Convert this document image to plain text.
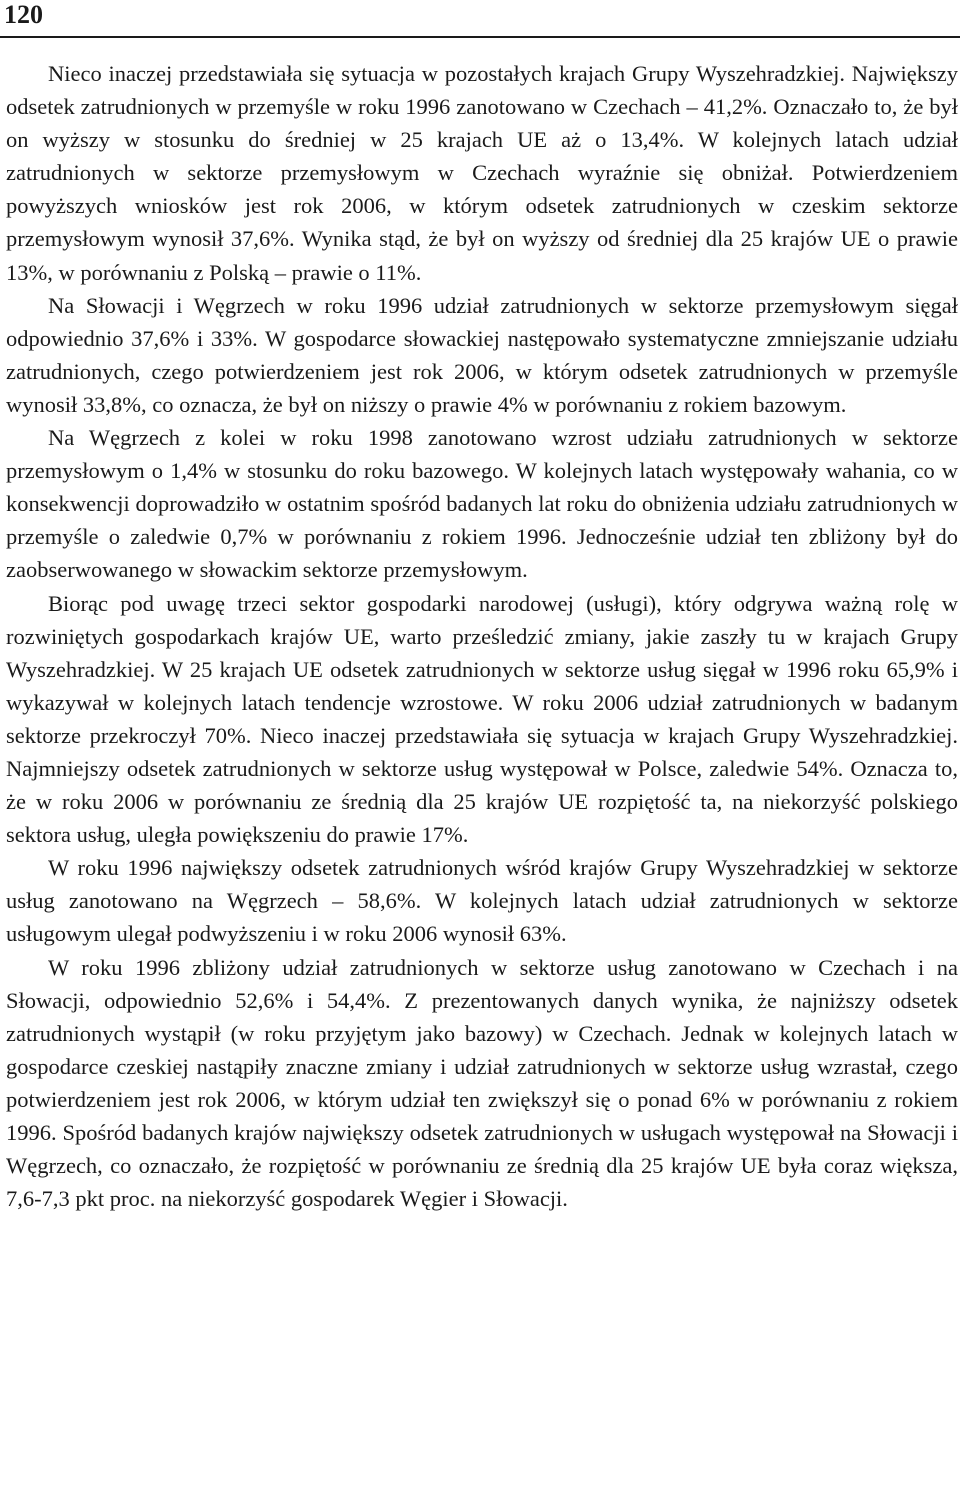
120

Nieco inaczej przedstawiała się sytuacja w pozostałych krajach Grupy Wyszehradzkiej. Największy odsetek zatrudnionych w przemyśle w roku 1996 zanotowano w Czechach – 41,2%. Oznaczało to, że był on wyższy w stosunku do średniej w 25 krajach UE aż o 13,4%. W kolejnych latach udział zatrudnionych w sektorze przemysłowym w Czechach wyraźnie się obniżał. Potwierdzeniem powyższych wniosków jest rok 2006, w którym odsetek zatrudnionych w czeskim sektorze przemysłowym wynosił 37,6%. Wynika stąd, że był on wyższy od średniej dla 25 krajów UE o prawie 13%, w porównaniu z Polską – prawie o 11%.

Na Słowacji i Węgrzech w roku 1996 udział zatrudnionych w sektorze przemysłowym sięgał odpowiednio 37,6% i 33%. W gospodarce słowackiej następowało systematyczne zmniejszanie udziału zatrudnionych, czego potwierdzeniem jest rok 2006, w którym odsetek zatrudnionych w przemyśle wynosił 33,8%, co oznacza, że był on niższy o prawie 4% w porównaniu z rokiem bazowym.

Na Węgrzech z kolei w roku 1998 zanotowano wzrost udziału zatrudnionych w sektorze przemysłowym o 1,4% w stosunku do roku bazowego. W kolejnych latach występowały wahania, co w konsekwencji doprowadziło w ostatnim spośród badanych lat roku do obniżenia udziału zatrudnionych w przemyśle o zaledwie 0,7% w porównaniu z rokiem 1996. Jednocześnie udział ten zbliżony był do zaobserwowanego w słowackim sektorze przemysłowym.

Biorąc pod uwagę trzeci sektor gospodarki narodowej (usługi), który odgrywa ważną rolę w rozwiniętych gospodarkach krajów UE, warto prześledzić zmiany, jakie zaszły tu w krajach Grupy Wyszehradzkiej. W 25 krajach UE odsetek zatrudnionych w sektorze usług sięgał w 1996 roku 65,9% i wykazywał w kolejnych latach tendencje wzrostowe. W roku 2006 udział zatrudnionych w badanym sektorze przekroczył 70%. Nieco inaczej przedstawiała się sytuacja w krajach Grupy Wyszehradzkiej. Najmniejszy odsetek zatrudnionych w sektorze usług występował w Polsce, zaledwie 54%. Oznacza to, że w roku 2006 w porównaniu ze średnią dla 25 krajów UE rozpiętość ta, na niekorzyść polskiego sektora usług, uległa powiększeniu do prawie 17%.

W roku 1996 największy odsetek zatrudnionych wśród krajów Grupy Wyszehradzkiej w sektorze usług zanotowano na Węgrzech – 58,6%. W kolejnych latach udział zatrudnionych w sektorze usługowym ulegał podwyższeniu i w roku 2006 wynosił 63%.

W roku 1996 zbliżony udział zatrudnionych w sektorze usług zanotowano w Czechach i na Słowacji, odpowiednio 52,6% i 54,4%. Z prezentowanych danych wynika, że najniższy odsetek zatrudnionych wystąpił (w roku przyjętym jako bazowy) w Czechach. Jednak w kolejnych latach w gospodarce czeskiej nastąpiły znaczne zmiany i udział zatrudnionych w sektorze usług wzrastał, czego potwierdzeniem jest rok 2006, w którym udział ten zwiększył się o ponad 6% w porównaniu z rokiem 1996. Spośród badanych krajów największy odsetek zatrudnionych w usługach występował na Słowacji i Węgrzech, co oznaczało, że rozpiętość w porównaniu ze średnią dla 25 krajów UE była coraz większa, 7,6-7,3 pkt proc. na niekorzyść gospodarek Węgier i Słowacji.
